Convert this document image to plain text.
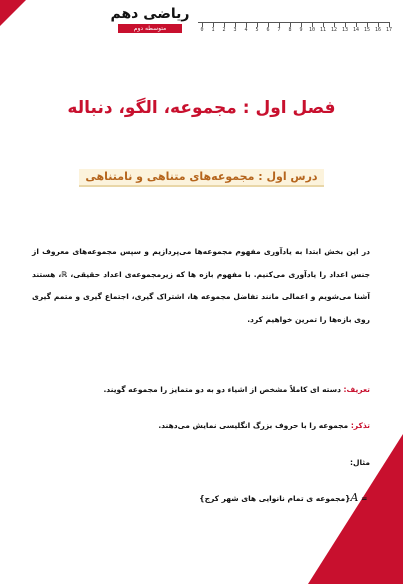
ریاضی دهم
متوسطه دوم	0	1	2	3	4	5	6	7	8	9	10 11 12 13 14 15 16 17
فصل اول : مجموعه، الگو، دنباله
درس اول : مجموعه‌های متناهی و نامتناهی
در این بخش ابتدا به یادآوری مفهوم مجموعه‌ها می‌پردازیم و سپس مجموعه‌های معروف از جنس اعداد را یادآوری می‌کنیم. با مفهوم بازه ها که زیرمجموعه‌ی اعداد حقیقی، ℝ، هستند آشنا می‌شویم و اعمالی مانند تفاضل مجموعه ها، اشتراک گیری، اجتماع گیری و متمم گیری روی بازه‌ها را تمرین خواهیم کرد.
تعریف: دسته ای کاملاً مشخص از اشیاء دو به دو متمایز را مجموعه گویند.
تذکر: مجموعه را با حروف بزرگ انگلیسی نمایش می‌دهند.
مثال:
A = {مجموعه ی تمام نانوایی های شهر کرج}
